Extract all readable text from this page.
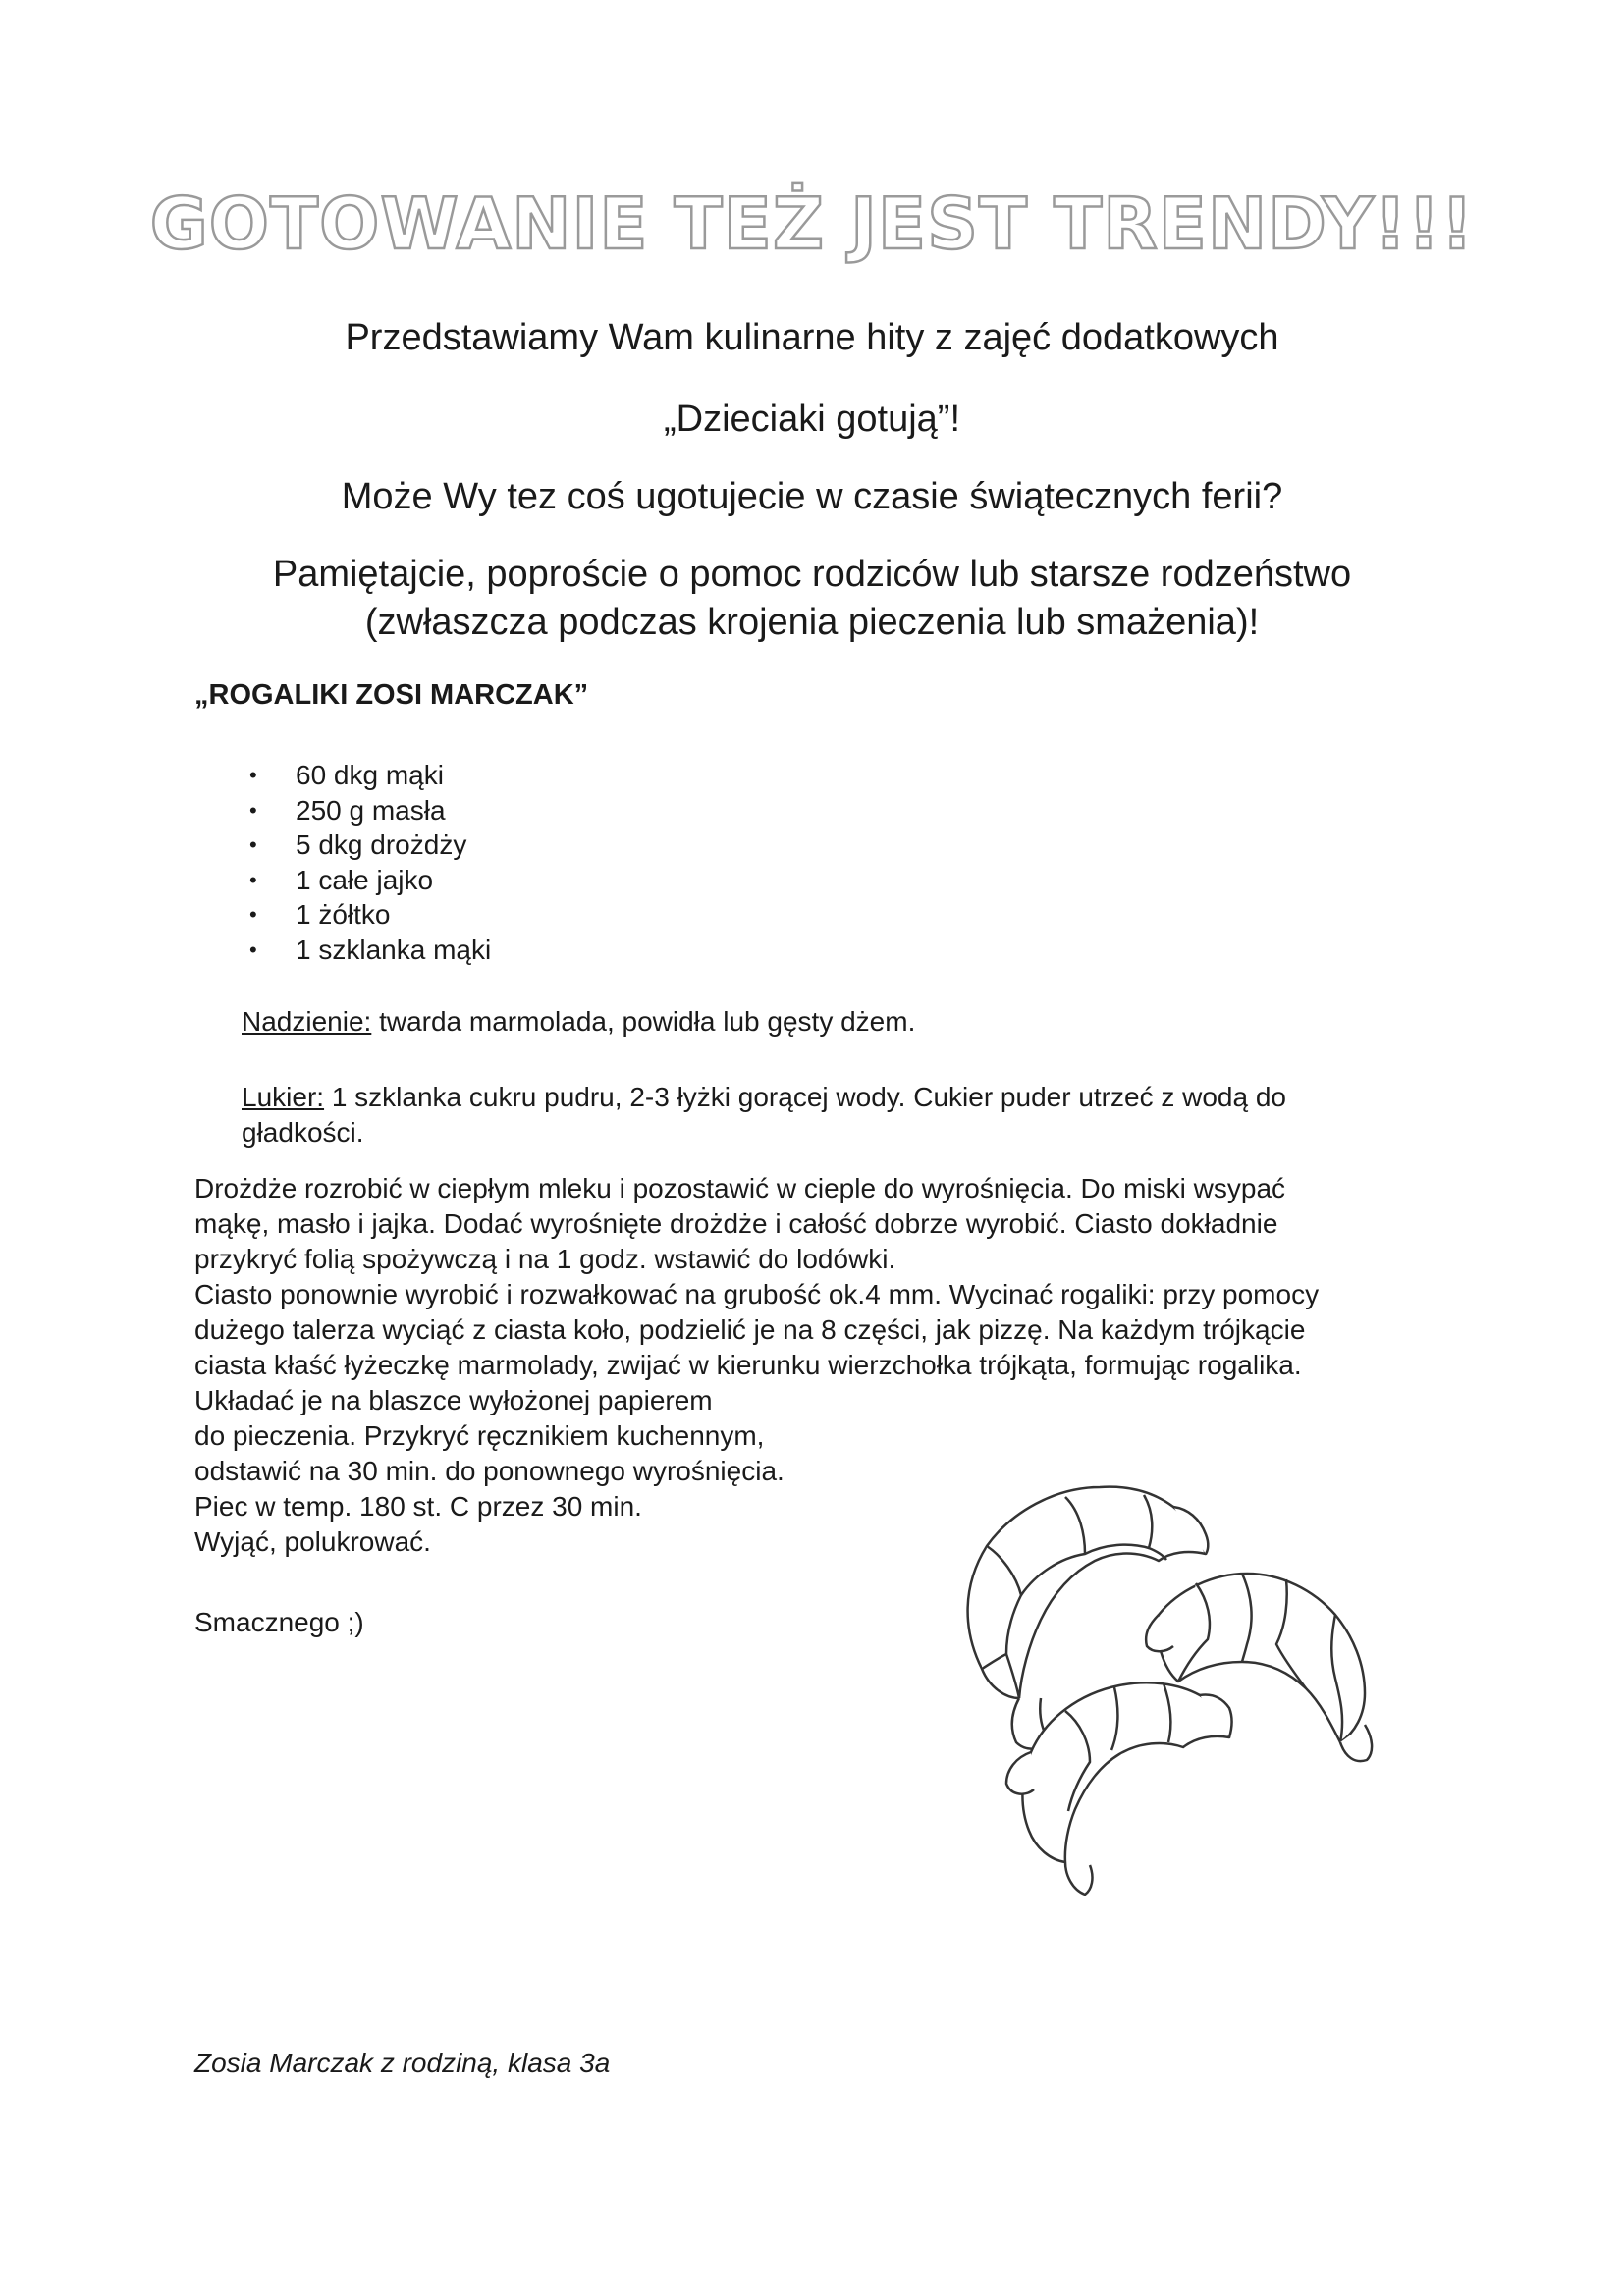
GOTOWANIE TEŻ JEST TRENDY!!!
Przedstawiamy Wam kulinarne hity z zajęć dodatkowych
„Dzieciaki gotują”!
Może Wy tez coś ugotujecie w czasie świątecznych ferii?
Pamiętajcie, poproście o pomoc rodziców lub starsze rodzeństwo
(zwłaszcza podczas krojenia pieczenia lub smażenia)!
„ROGALIKI ZOSI MARCZAK”
• 60 dkg mąki
• 250 g masła
• 5 dkg drożdży
• 1 całe jajko
• 1 żółtko
• 1 szklanka mąki
Nadzienie: twarda marmolada, powidła lub gęsty dżem.
Lukier: 1 szklanka cukru pudru, 2-3 łyżki gorącej wody. Cukier puder utrzeć z wodą do
gładkości.
Drożdże rozrobić w ciepłym mleku i pozostawić w cieple do wyrośnięcia. Do miski wsypać
mąkę, masło i jajka. Dodać wyrośnięte drożdże i całość dobrze wyrobić. Ciasto dokładnie
przykryć folią spożywczą i na 1 godz. wstawić do lodówki.
Ciasto ponownie wyrobić i rozwałkować na grubość ok.4 mm. Wycinać rogaliki: przy pomocy
dużego talerza wyciąć z ciasta koło, podzielić je na 8 części, jak pizzę. Na każdym trójkącie
ciasta kłaść łyżeczkę marmolady, zwijać w kierunku wierzchołka trójkąta, formując rogalika.
Układać je na blaszce wyłożonej papierem
do pieczenia. Przykryć ręcznikiem kuchennym,
odstawić na 30 min. do ponownego wyrośnięcia.
Piec w temp. 180 st. C przez 30 min.
Wyjąć, polukrować.
Smacznego ;)
Zosia Marczak z rodziną, klasa 3a
